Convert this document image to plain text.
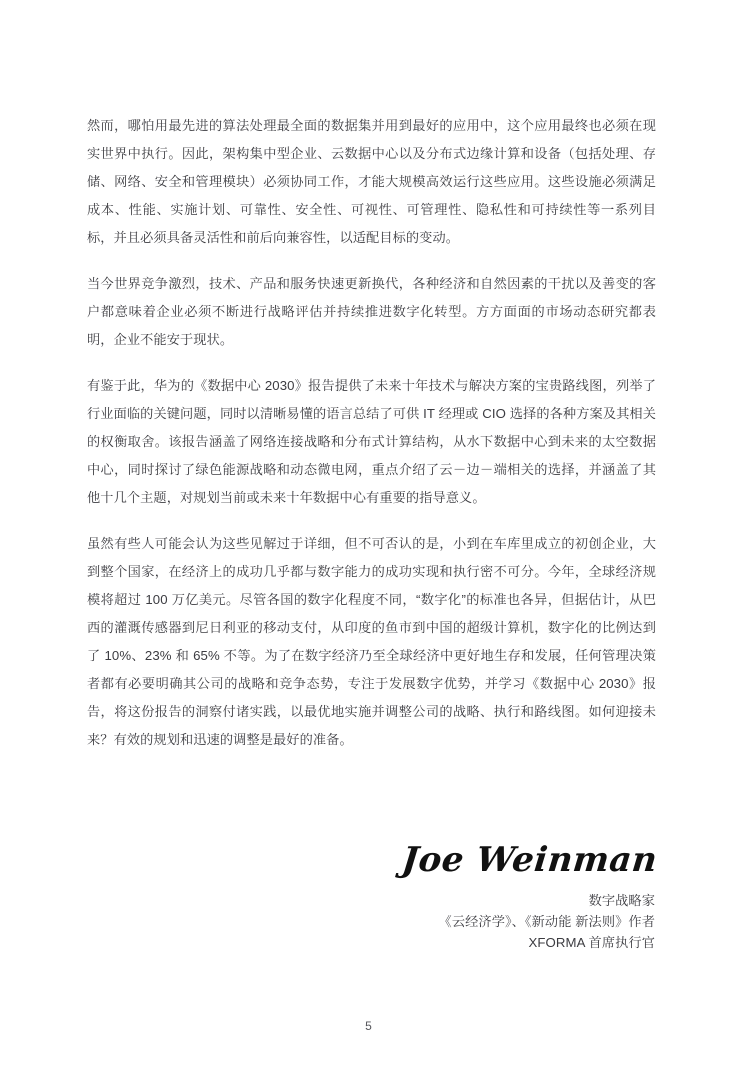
然而，哪怕用最先进的算法处理最全面的数据集并用到最好的应用中，这个应用最终也必须在现实世界中执行。因此，架构集中型企业、云数据中心以及分布式边缘计算和设备（包括处理、存储、网络、安全和管理模块）必须协同工作，才能大规模高效运行这些应用。这些设施必须满足成本、性能、实施计划、可靠性、安全性、可视性、可管理性、隐私性和可持续性等一系列目标，并且必须具备灵活性和前后向兼容性，以适配目标的变动。

当今世界竞争激烈，技术、产品和服务快速更新换代，各种经济和自然因素的干扰以及善变的客户都意味着企业必须不断进行战略评估并持续推进数字化转型。方方面面的市场动态研究都表明，企业不能安于现状。

有鉴于此，华为的《数据中心 2030》报告提供了未来十年技术与解决方案的宝贵路线图，列举了行业面临的关键问题，同时以清晰易懂的语言总结了可供 IT 经理或 CIO 选择的各种方案及其相关的权衡取舍。该报告涵盖了网络连接战略和分布式计算结构，从水下数据中心到未来的太空数据中心，同时探讨了绿色能源战略和动态微电网，重点介绍了云－边－端相关的选择，并涵盖了其他十几个主题，对规划当前或未来十年数据中心有重要的指导意义。

虽然有些人可能会认为这些见解过于详细，但不可否认的是，小到在车库里成立的初创企业，大到整个国家，在经济上的成功几乎都与数字能力的成功实现和执行密不可分。今年，全球经济规模将超过 100 万亿美元。尽管各国的数字化程度不同，“数字化”的标准也各异，但据估计，从巴西的灌溉传感器到尼日利亚的移动支付，从印度的鱼市到中国的超级计算机，数字化的比例达到了 10%、23% 和 65% 不等。为了在数字经济乃至全球经济中更好地生存和发展，任何管理决策者都有必要明确其公司的战略和竞争态势，专注于发展数字优势，并学习《数据中心 2030》报告，将这份报告的洞察付诸实践，以最优地实施并调整公司的战略、执行和路线图。如何迎接未来？有效的规划和迅速的调整是最好的准备。

Joe Weinman
数字战略家
《云经济学》、《新动能 新法则》作者
XFORMA 首席执行官
5
